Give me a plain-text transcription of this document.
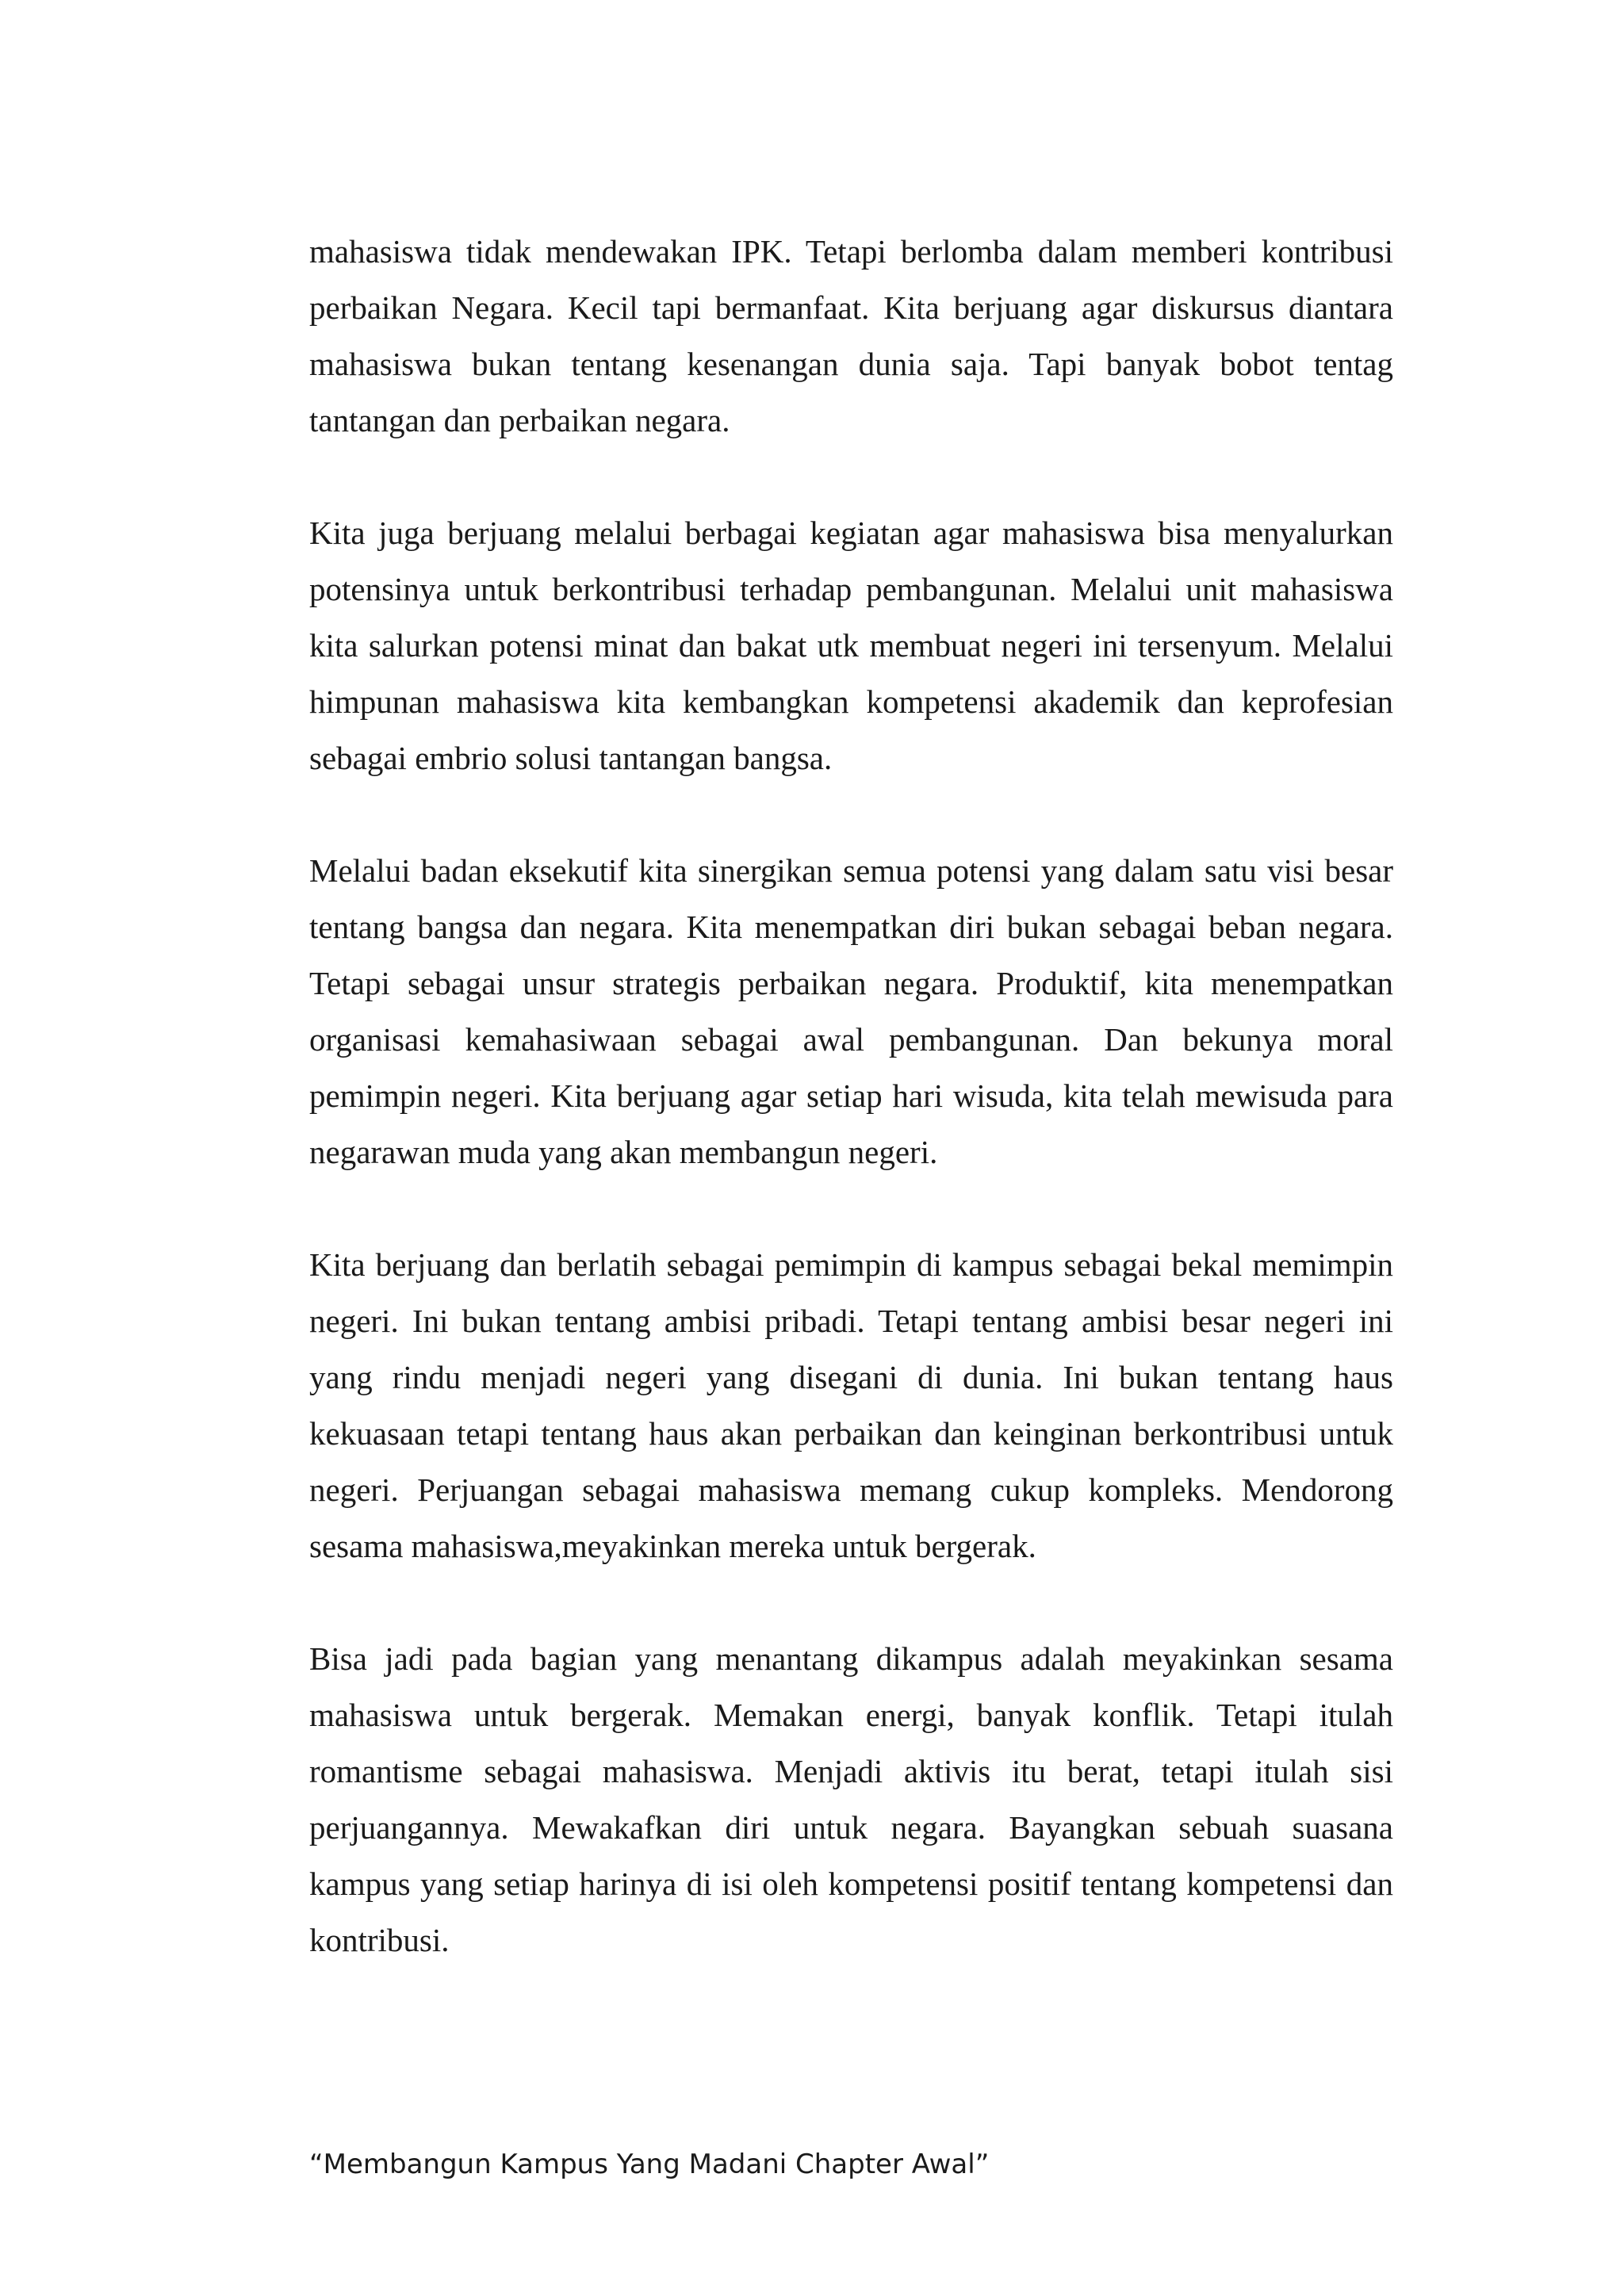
mahasiswa tidak mendewakan IPK. Tetapi berlomba dalam memberi kontribusi perbaikan Negara. Kecil tapi bermanfaat. Kita berjuang agar diskursus diantara mahasiswa bukan tentang kesenangan dunia saja. Tapi banyak bobot tentag tantangan dan perbaikan negara.

Kita juga berjuang melalui berbagai kegiatan agar mahasiswa bisa menyalurkan potensinya untuk berkontribusi terhadap pembangunan. Melalui unit mahasiswa kita salurkan potensi minat dan bakat utk membuat negeri ini tersenyum. Melalui himpunan mahasiswa kita kembangkan kompetensi akademik dan keprofesian sebagai embrio solusi tantangan bangsa.

Melalui badan eksekutif kita sinergikan semua potensi yang dalam satu visi besar tentang bangsa dan negara. Kita menempatkan diri bukan sebagai beban negara. Tetapi sebagai unsur strategis perbaikan negara. Produktif, kita menempatkan organisasi kemahasiwaan sebagai awal pembangunan. Dan bekunya moral pemimpin negeri. Kita berjuang agar setiap hari wisuda, kita telah mewisuda para negarawan muda yang akan membangun negeri.

Kita berjuang dan berlatih sebagai pemimpin di kampus sebagai bekal memimpin negeri. Ini bukan tentang ambisi pribadi. Tetapi tentang ambisi besar negeri ini yang rindu menjadi negeri yang disegani di dunia. Ini bukan tentang haus kekuasaan tetapi tentang haus akan perbaikan dan keinginan berkontribusi untuk negeri. Perjuangan sebagai mahasiswa memang cukup kompleks. Mendorong sesama mahasiswa,meyakinkan mereka untuk bergerak.

Bisa jadi pada bagian yang menantang dikampus adalah meyakinkan sesama mahasiswa untuk bergerak. Memakan energi, banyak konflik. Tetapi itulah romantisme sebagai mahasiswa. Menjadi aktivis itu berat, tetapi itulah sisi perjuangannya. Mewakafkan diri untuk negara. Bayangkan sebuah suasana kampus yang setiap harinya di isi oleh kompetensi positif tentang kompetensi dan kontribusi.

“Membangun Kampus Yang Madani Chapter Awal”
